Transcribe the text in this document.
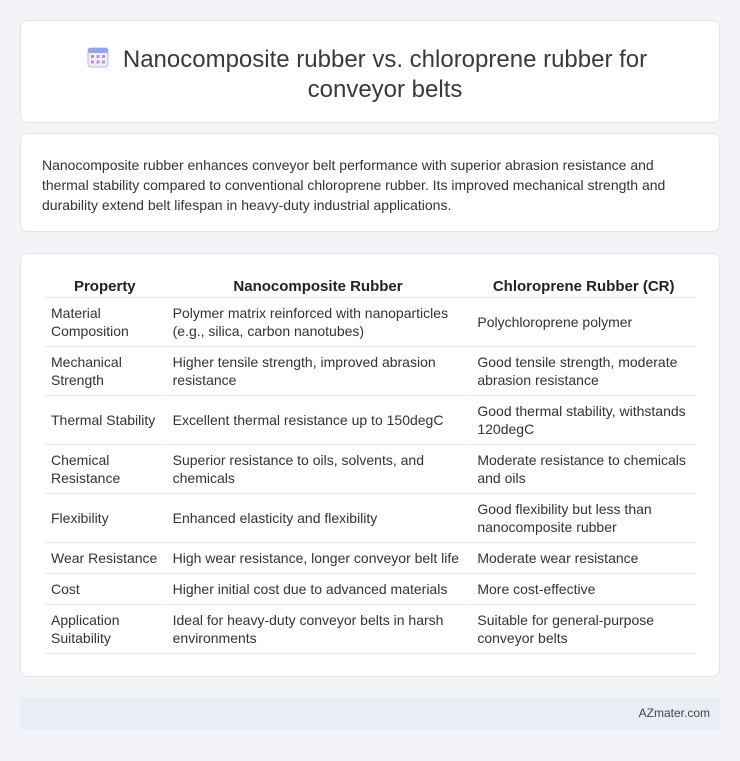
Nanocomposite rubber vs. chloroprene rubber for conveyor belts

Nanocomposite rubber enhances conveyor belt performance with superior abrasion resistance and thermal stability compared to conventional chloroprene rubber. Its improved mechanical strength and durability extend belt lifespan in heavy-duty industrial applications.

Property	Nanocomposite Rubber	Chloroprene Rubber (CR)
Material Composition	Polymer matrix reinforced with nanoparticles (e.g., silica, carbon nanotubes)	Polychloroprene polymer
Mechanical Strength	Higher tensile strength, improved abrasion resistance	Good tensile strength, moderate abrasion resistance
Thermal Stability	Excellent thermal resistance up to 150degC	Good thermal stability, withstands 120degC
Chemical Resistance	Superior resistance to oils, solvents, and chemicals	Moderate resistance to chemicals and oils
Flexibility	Enhanced elasticity and flexibility	Good flexibility but less than nanocomposite rubber
Wear Resistance	High wear resistance, longer conveyor belt life	Moderate wear resistance
Cost	Higher initial cost due to advanced materials	More cost-effective
Application Suitability	Ideal for heavy-duty conveyor belts in harsh environments	Suitable for general-purpose conveyor belts
AZmater.com
